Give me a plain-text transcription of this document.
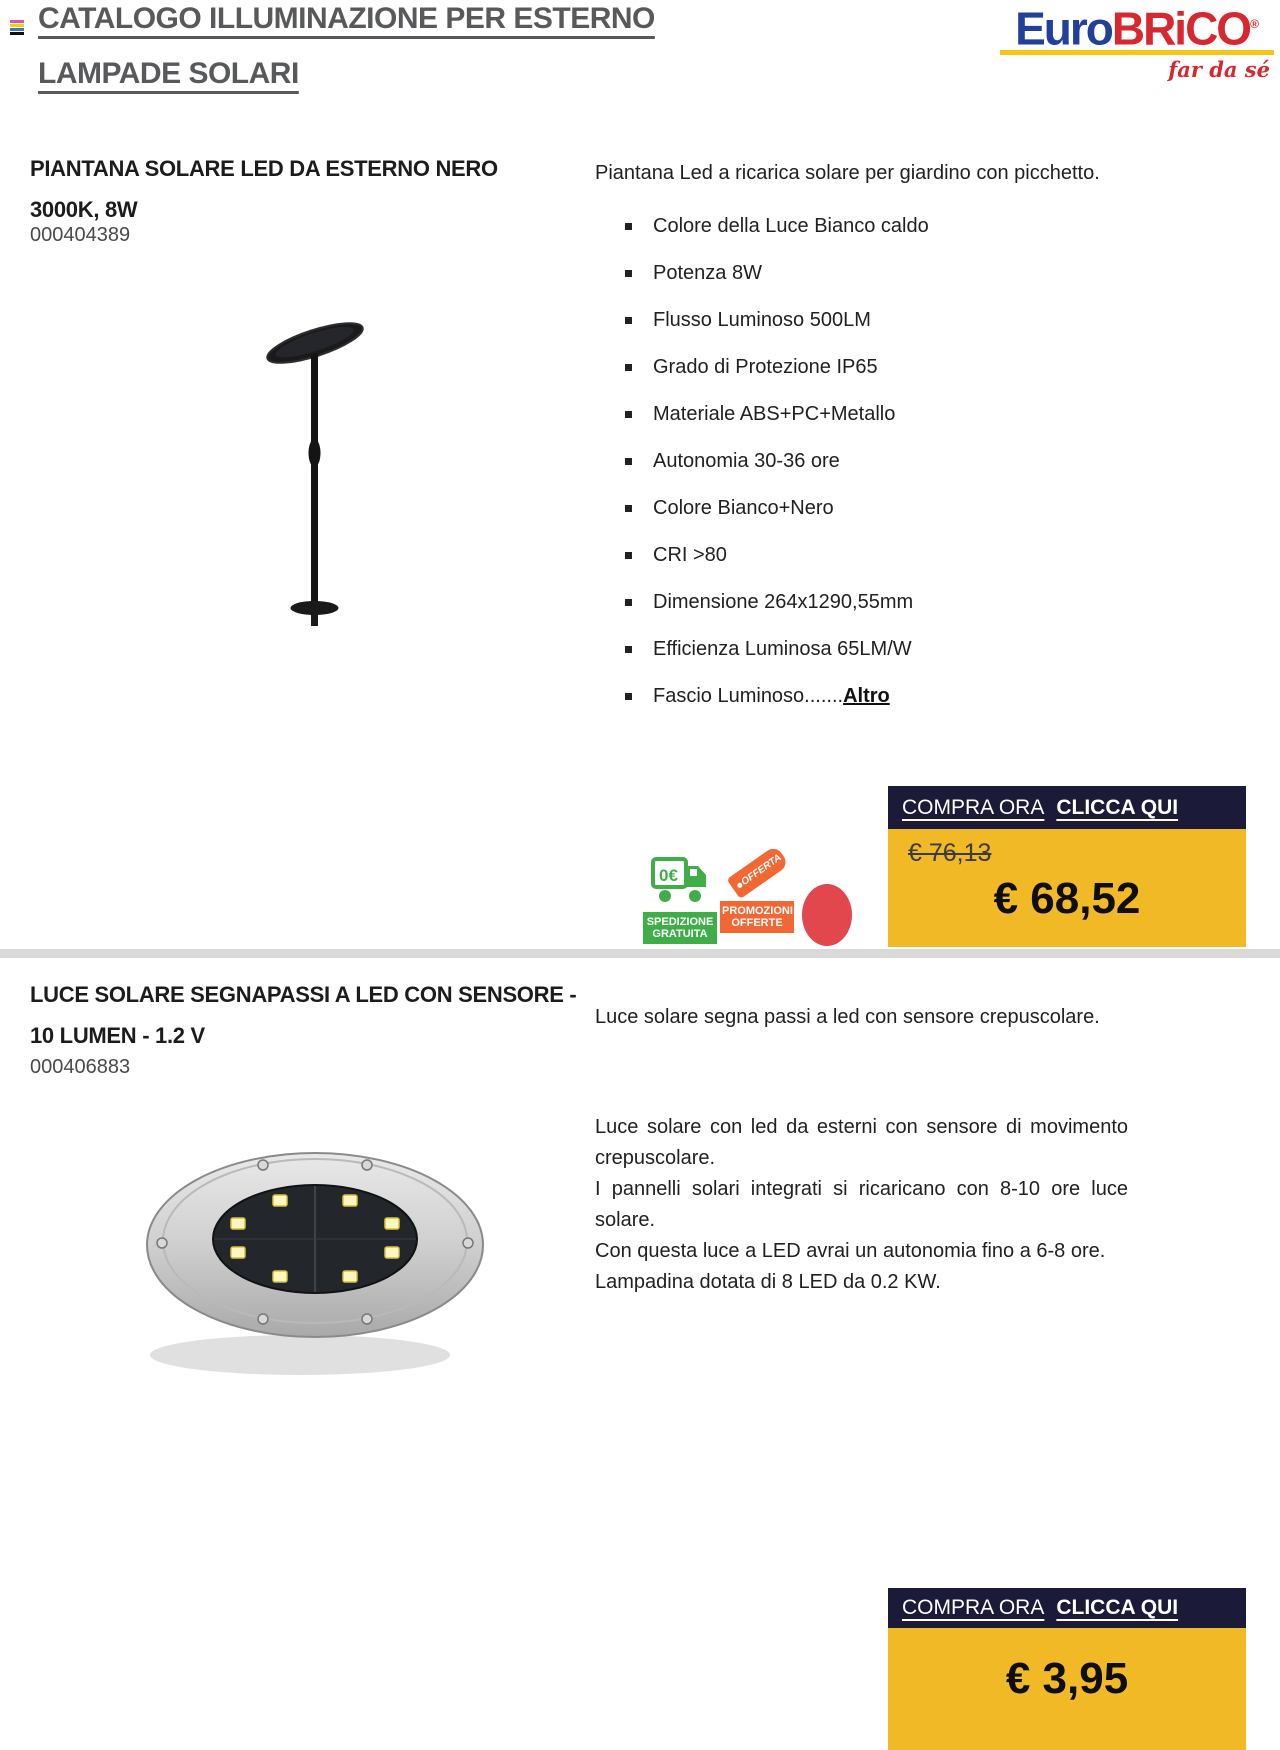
CATALOGO ILLUMINAZIONE PER ESTERNO
LAMPADE SOLARI
EuroBRiCO®
far da sé
PIANTANA SOLARE LED DA ESTERNO NERO 3000K, 8W
000404389
Piantana Led a ricarica solare per giardino con picchetto.
Colore della Luce Bianco caldo
Potenza 8W
Flusso Luminoso 500LM
Grado di Protezione IP65
Materiale ABS+PC+Metallo
Autonomia 30-36 ore
Colore Bianco+Nero
CRI >80
Dimensione 264x1290,55mm
Efficienza Luminosa 65LM/W
Fascio Luminoso.......Altro
0€
SPEDIZIONE
GRATUITA
OFFERTA
PROMOZIONI
OFFERTE
COMPRA ORA CLICCA QUI
€ 76,13
€ 68,52
LUCE SOLARE SEGNAPASSI A LED CON SENSORE - 10 LUMEN - 1.2 V
000406883
Luce solare segna passi a led con sensore crepuscolare.
Luce solare con led da esterni con sensore di movimento crepuscolare.
I pannelli solari integrati si ricaricano con 8-10 ore luce solare.
Con questa luce a LED avrai un autonomia fino a 6-8 ore.
Lampadina dotata di 8 LED da 0.2 KW.
COMPRA ORA CLICCA QUI
€ 3,95
